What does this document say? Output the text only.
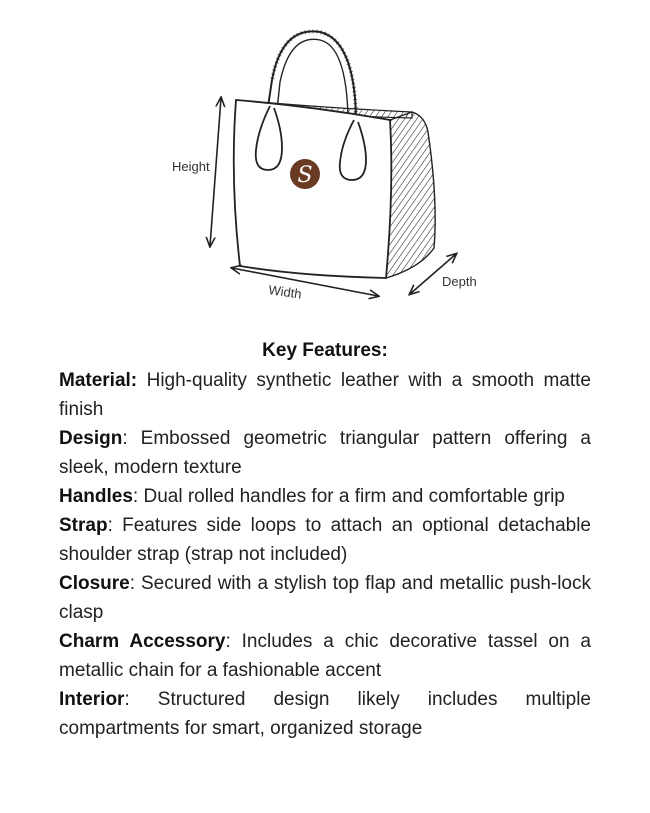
S
Height
Width
Depth

Key Features:

Material: High-quality synthetic leather with a smooth matte finish

Design: Embossed geometric triangular pattern offering a sleek, modern texture

Handles: Dual rolled handles for a firm and comfortable grip

Strap: Features side loops to attach an optional detachable shoulder strap (strap not included)

Closure: Secured with a stylish top flap and metallic push-lock clasp

Charm Accessory: Includes a chic decorative tassel on a metallic chain for a fashionable accent

Interior: Structured design likely includes multiple compartments for smart, organized storage
